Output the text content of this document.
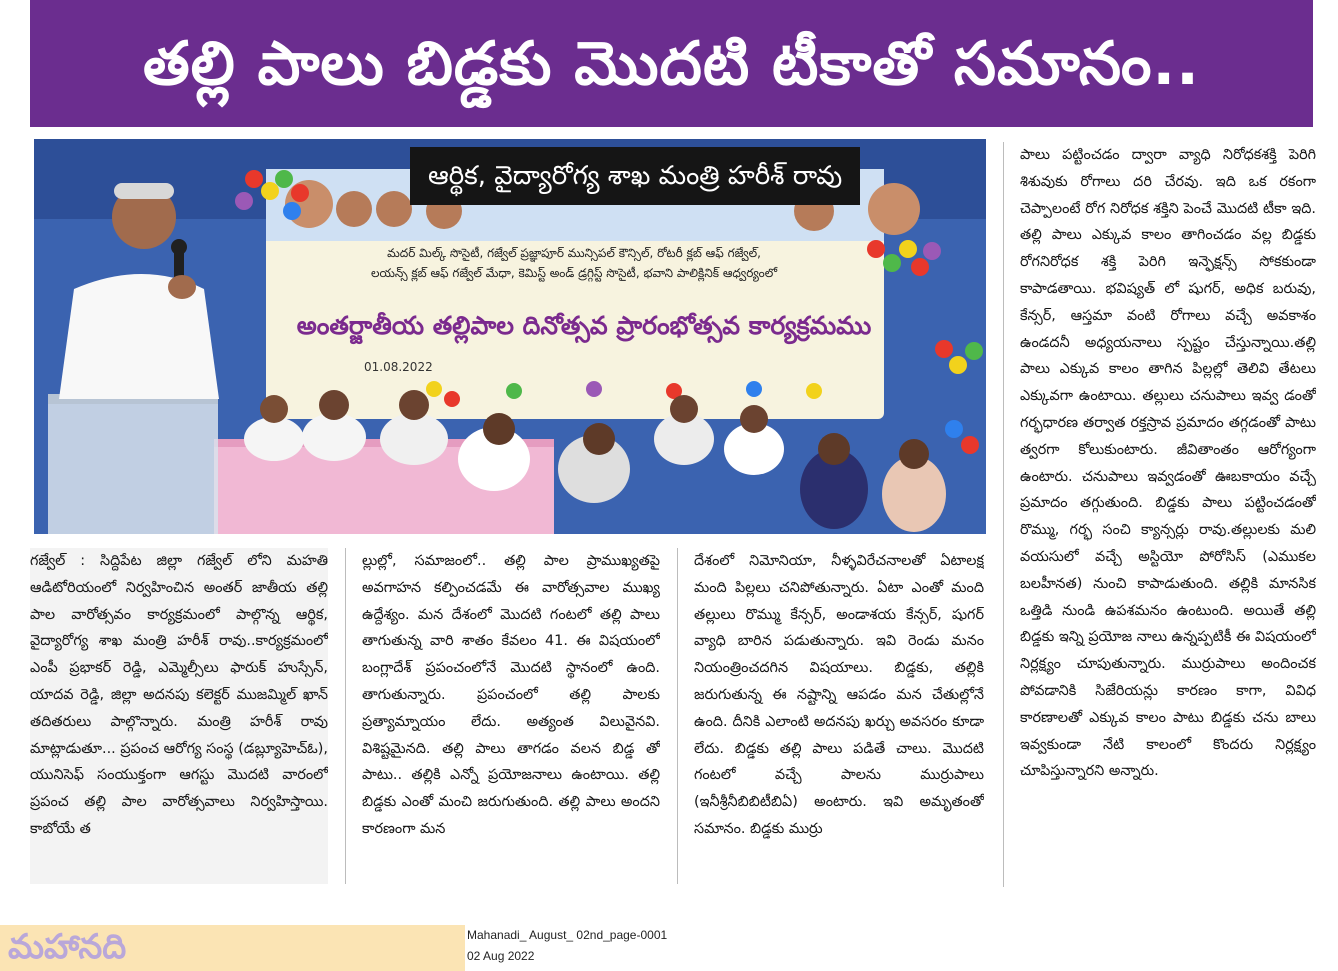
తల్లి పాలు బిడ్డకు మొదటి టీకాతో సమానం..
మదర్ మిల్క్ సొసైటీ, గజ్వేల్ ప్రజ్ఞాపూర్ మున్సిపల్ కౌన్సిల్, రోటరీ క్లబ్ ఆఫ్ గజ్వేల్,
లయన్స్ క్లబ్ ఆఫ్ గజ్వేల్ మేధా, కెమిస్ట్ అండ్ డ్రగ్గిస్ట్ సొసైటీ, భవాని పాలిక్లినిక్ ఆధ్వర్యంలో
అంతర్జాతీయ తల్లిపాల దినోత్సవ ప్రారంభోత్సవ కార్యక్రమము
01.08.2022
ఆర్థిక, వైద్యారోగ్య శాఖ మంత్రి హరీశ్ రావు
గజ్వేల్ : సిద్దిపేట జిల్లా గజ్వేల్ లోని మహతి ఆడిటోరియంలో నిర్వహించిన అంతర్ జాతీయ తల్లి పాల వారోత్సవం కార్యక్రమంలో పాల్గొన్న ఆర్థిక, వైద్యారోగ్య శాఖ మంత్రి హరీశ్ రావు..కార్యక్రమంలో ఎంపీ ప్రభాకర్ రెడ్డి, ఎమ్మెల్సీలు ఫారుక్ హుస్సేన్, యాదవ రెడ్డి, జిల్లా అదనపు కలెక్టర్ ముజమ్మిల్ ఖాన్ తదితరులు పాల్గొన్నారు. మంత్రి హరీశ్ రావు మాట్లాడుతూ... ప్రపంచ ఆరోగ్య సంస్థ (డబ్ల్యూహెచ్ఓ), యునిసెఫ్ సంయుక్తంగా ఆగస్టు మొదటి వారంలో ప్రపంచ తల్లి పాల వారోత్సవాలు నిర్వహిస్తాయి. కాబోయే త
ల్లుల్లో, సమాజంలో.. తల్లి పాల ప్రాముఖ్యతపై అవగాహన కల్పించడమే ఈ వారోత్సవాల ముఖ్య ఉద్దేశ్యం. మన దేశంలో మొదటి గంటలో తల్లి పాలు తాగుతున్న వారి శాతం కేవలం 41. ఈ విషయంలో బంగ్లాదేశ్ ప్రపంచంలోనే మొదటి స్థానంలో ఉంది. తాగుతున్నారు. ప్రపంచంలో తల్లి పాలకు ప్రత్యామ్నాయం లేదు. అత్యంత విలువైనవి. విశిష్టమైనది. తల్లి పాలు తాగడం వలన బిడ్డ తో పాటు.. తల్లికి ఎన్నో ప్రయోజనాలు ఉంటాయి. తల్లి బిడ్డకు ఎంతో మంచి జరుగుతుంది. తల్లి పాలు అందని కారణంగా మన
దేశంలో నిమోనియా, నీళ్ళవిరేచనాలతో ఏటాలక్ష మంది పిల్లలు చనిపోతున్నారు. ఏటా ఎంతో మంది తల్లులు రొమ్ము కేన్సర్, అండాశయ కేన్సర్, షుగర్ వ్యాధి బారిన పడుతున్నారు. ఇవి రెండు మనం నియంత్రించదగిన విషయాలు. బిడ్డకు, తల్లికి జరుగుతున్న ఈ నష్టాన్ని ఆపడం మన చేతుల్లోనే ఉంది. దీనికి ఎలాంటి అదనపు ఖర్చు అవసరం కూడా లేదు. బిడ్డకు తల్లి పాలు పడితే చాలు. మొదటి గంటలో వచ్చే పాలను ముర్రుపాలు (ఇనీశ్రీనీబిబిటీబిఏ) అంటారు. ఇవి అమృతంతో సమానం. బిడ్డకు ముర్రు
పాలు పట్టించడం ద్వారా వ్యాధి నిరోధకశక్తి పెరిగి శిశువుకు రోగాలు దరి చేరవు. ఇది ఒక రకంగా చెప్పాలంటే రోగ నిరోధక శక్తిని పెంచే మొదటి టీకా ఇది. తల్లి పాలు ఎక్కువ కాలం తాగించడం వల్ల బిడ్డకు రోగనిరోధక శక్తి పెరిగి ఇన్ఫెక్షన్స్ సోకకుండా కాపాడతాయి. భవిష్యత్ లో షుగర్, అధిక బరువు, కేన్సర్, ఆస్తమా వంటి రోగాలు వచ్చే అవకాశం ఉండదనీ అధ్యయనాలు స్పష్టం చేస్తున్నాయి.తల్లి పాలు ఎక్కువ కాలం తాగిన పిల్లల్లో తెలివి తేటలు ఎక్కువగా ఉంటాయి. తల్లులు చనుపాలు ఇవ్వ డంతో గర్భధారణ తర్వాత రక్తస్రావ ప్రమాదం తగ్గడంతో పాటు త్వరగా కోలుకుంటారు. జీవితాంతం ఆరోగ్యంగా ఉంటారు. చనుపాలు ఇవ్వడంతో ఊబకాయం వచ్చే ప్రమాదం తగ్గుతుంది. బిడ్డకు పాలు పట్టించడంతో రొమ్ము, గర్భ సంచి క్యాన్సర్లు రావు.తల్లులకు మలి వయసులో వచ్చే అస్టియో పోరోసిస్ (ఎముకల బలహీనత) నుంచి కాపాడుతుంది. తల్లికి మానసిక ఒత్తిడి నుండి ఉపశమనం ఉంటుంది. అయితే తల్లి బిడ్డకు ఇన్ని ప్రయోజ నాలు ఉన్నప్పటికీ ఈ విషయంలో నిర్లక్ష్యం చూపుతున్నారు. ముర్రుపాలు అందించక పోవడానికి సిజేరియన్లు కారణం కాగా, వివిధ కారణాలతో ఎక్కువ కాలం పాటు బిడ్డకు చను బాలు ఇవ్వకుండా నేటి కాలంలో కొందరు నిర్లక్ష్యం చూపిస్తున్నారని అన్నారు.
మహానది	Mahanadi_ August_ 02nd_page-0001
02 Aug 2022
